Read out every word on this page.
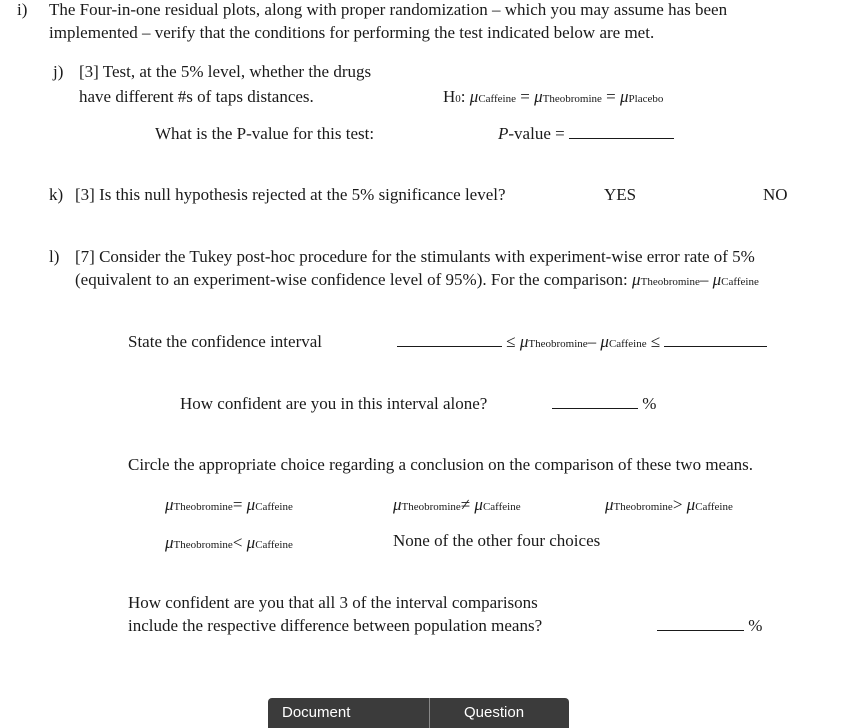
i) The Four-in-one residual plots, along with proper randomization – which you may assume has been
implemented – verify that the conditions for performing the test indicated below are met.
j) [3] Test, at the 5% level, whether the drugs
have different #s of taps distances.	H0: μCaffeine = μTheobromine = μPlacebo
What is the P-value for this test:	P-value =
k) [3] Is this null hypothesis rejected at the 5% significance level?	YES	NO
l) [7] Consider the Tukey post-hoc procedure for the stimulants with experiment-wise error rate of 5%
(equivalent to an experiment-wise confidence level of 95%). For the comparison: μTheobromine– μCaffeine
State the confidence interval	≤ μTheobromine– μCaffeine ≤
How confident are you in this interval alone?	%
Circle the appropriate choice regarding a conclusion on the comparison of these two means.
μTheobromine= μCaffeine	μTheobromine≠ μCaffeine	μTheobromine> μCaffeine
μTheobromine< μCaffeine	None of the other four choices
How confident are you that all 3 of the interval comparisons
include the respective difference between population means?	%
Document	Question
